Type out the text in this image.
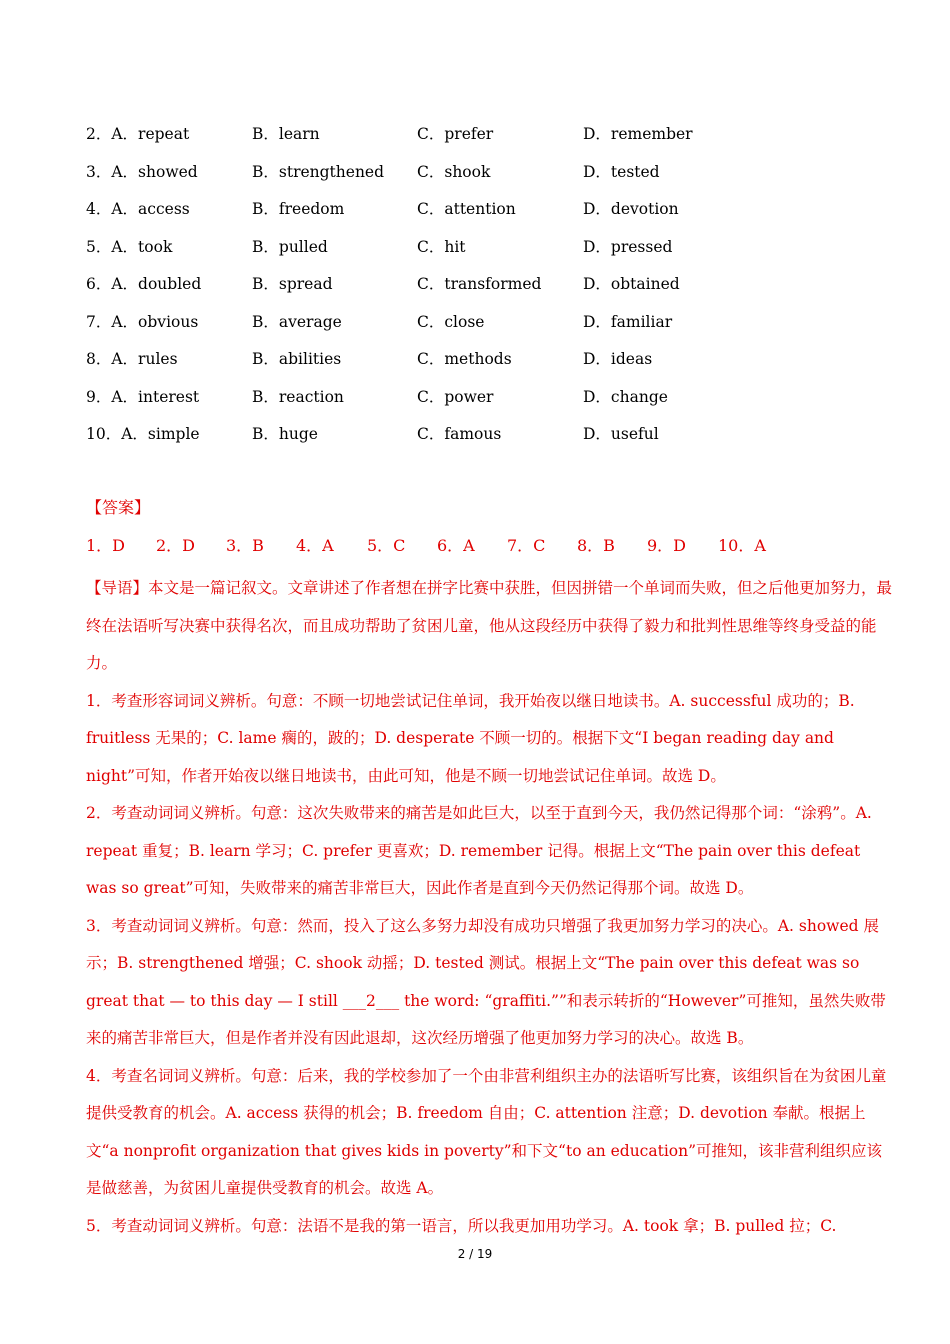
2．A．repeat	B．learn	C．prefer	D．remember
3．A．showed	B．strengthened C．shook	D．tested
4．A．access	B．freedom	C．attention	D．devotion
5．A．took	B．pulled	C．hit	D．pressed
6．A．doubled	B．spread	C．transformed	D．obtained
7．A．obvious	B．average	C．close	D．familiar
8．A．rules	B．abilities	C．methods	D．ideas
9．A．interest	B．reaction	C．power	D．change
10．A．simple	B．huge	C．famous	D．useful
【答案】
1．D 2．D 3．B 4．A 5．C 6．A 7．C 8．B 9．D 10．A

【导语】本文是一篇记叙文。文章讲述了作者想在拼字比赛中获胜，但因拼错一个单词而失败，但之后他更加努力，最终在法语听写决赛中获得名次，而且成功帮助了贫困儿童，他从这段经历中获得了毅力和批判性思维等终身受益的能力。

1．考查形容词词义辨析。句意：不顾一切地尝试记住单词，我开始夜以继日地读书。A. successful 成功的；B. fruitless 无果的；C. lame 瘸的，跛的；D. desperate 不顾一切的。根据下文“I began reading day and night”可知，作者开始夜以继日地读书，由此可知，他是不顾一切地尝试记住单词。故选 D。

2．考查动词词义辨析。句意：这次失败带来的痛苦是如此巨大，以至于直到今天，我仍然记得那个词：“涂鸦”。A. repeat 重复；B. learn 学习；C. prefer 更喜欢；D. remember 记得。根据上文“The pain over this defeat was so great”可知，失败带来的痛苦非常巨大，因此作者是直到今天仍然记得那个词。故选 D。

3．考查动词词义辨析。句意：然而，投入了这么多努力却没有成功只增强了我更加努力学习的决心。A. showed 展示；B. strengthened 增强；C. shook 动摇；D. tested 测试。根据上文“The pain over this defeat was so great that — to this day — I still ___2___ the word: “graffiti.””和表示转折的“However”可推知，虽然失败带来的痛苦非常巨大，但是作者并没有因此退却，这次经历增强了他更加努力学习的决心。故选 B。

4．考查名词词义辨析。句意：后来，我的学校参加了一个由非营利组织主办的法语听写比赛，该组织旨在为贫困儿童提供受教育的机会。A. access 获得的机会；B. freedom 自由；C. attention 注意；D. devotion 奉献。根据上文“a nonprofit organization that gives kids in poverty”和下文“to an education”可推知，该非营利组织应该是做慈善，为贫困儿童提供受教育的机会。故选 A。

5．考查动词词义辨析。句意：法语不是我的第一语言，所以我更加用功学习。A. took 拿；B. pulled 拉；C.

2 / 19
